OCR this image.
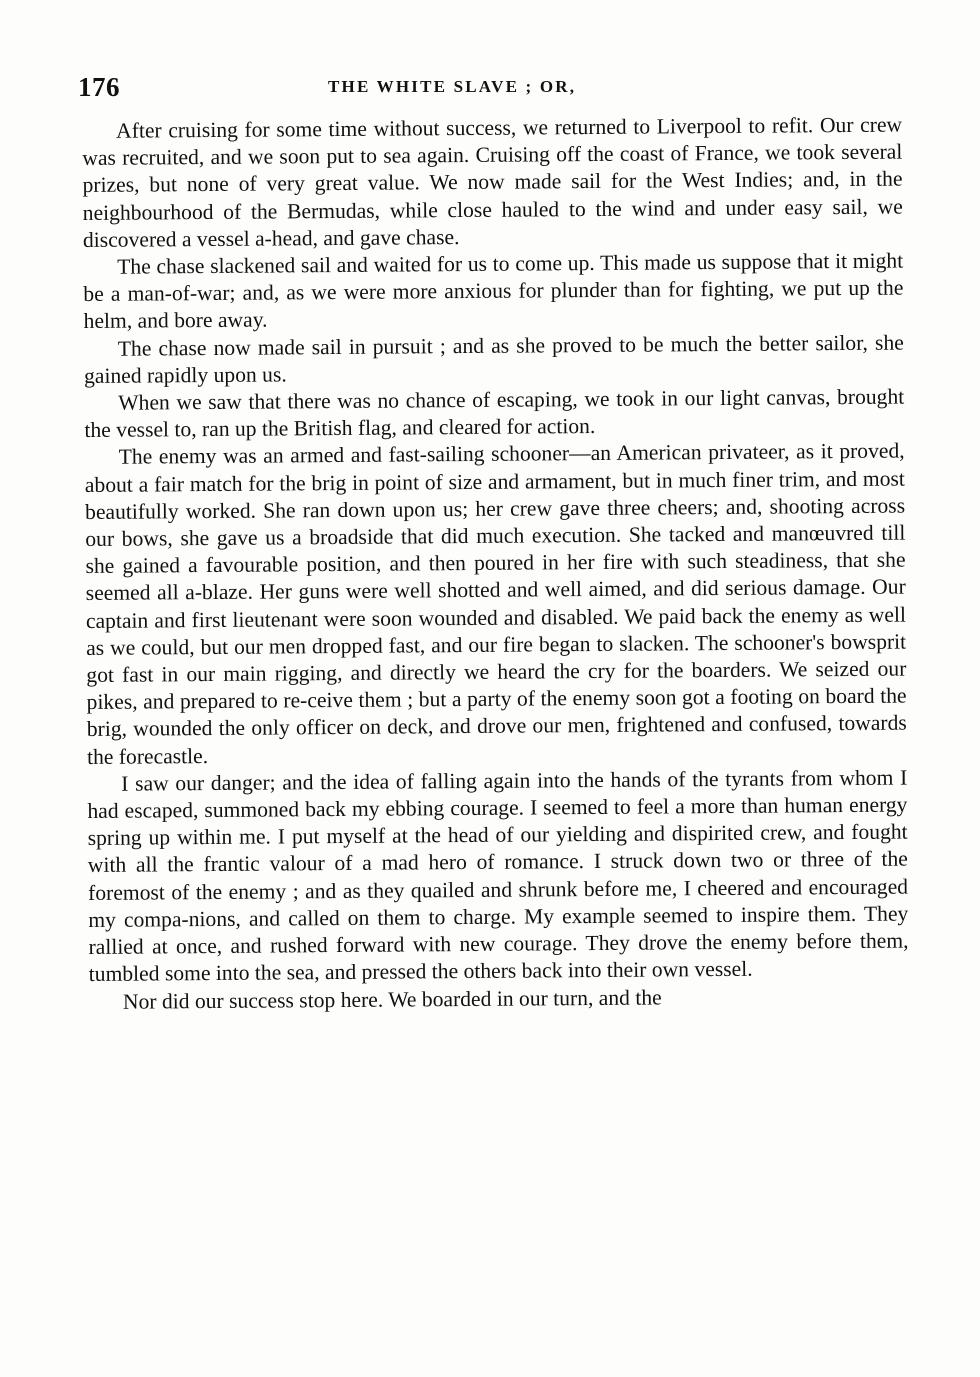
176	THE WHITE SLAVE ; OR,

After cruising for some time without success, we returned to Liverpool to refit. Our crew was recruited, and we soon put to sea again. Cruising off the coast of France, we took several prizes, but none of very great value. We now made sail for the West Indies; and, in the neighbourhood of the Bermudas, while close hauled to the wind and under easy sail, we discovered a vessel a-head, and gave chase.

The chase slackened sail and waited for us to come up. This made us suppose that it might be a man-of-war; and, as we were more anxious for plunder than for fighting, we put up the helm, and bore away.

The chase now made sail in pursuit ; and as she proved to be much the better sailor, she gained rapidly upon us.

When we saw that there was no chance of escaping, we took in our light canvas, brought the vessel to, ran up the British flag, and cleared for action.

The enemy was an armed and fast-sailing schooner—an American privateer, as it proved, about a fair match for the brig in point of size and armament, but in much finer trim, and most beautifully worked. She ran down upon us; her crew gave three cheers; and, shooting across our bows, she gave us a broadside that did much execution. She tacked and manœuvred till she gained a favourable position, and then poured in her fire with such steadiness, that she seemed all a-blaze. Her guns were well shotted and well aimed, and did serious damage. Our captain and first lieutenant were soon wounded and disabled. We paid back the enemy as well as we could, but our men dropped fast, and our fire began to slacken. The schooner's bowsprit got fast in our main rigging, and directly we heard the cry for the boarders. We seized our pikes, and prepared to re-ceive them ; but a party of the enemy soon got a footing on board the brig, wounded the only officer on deck, and drove our men, frightened and confused, towards the forecastle.

I saw our danger; and the idea of falling again into the hands of the tyrants from whom I had escaped, summoned back my ebbing courage. I seemed to feel a more than human energy spring up within me. I put myself at the head of our yielding and dispirited crew, and fought with all the frantic valour of a mad hero of romance. I struck down two or three of the foremost of the enemy ; and as they quailed and shrunk before me, I cheered and encouraged my compa-nions, and called on them to charge. My example seemed to inspire them. They rallied at once, and rushed forward with new courage. They drove the enemy before them, tumbled some into the sea, and pressed the others back into their own vessel.

Nor did our success stop here. We boarded in our turn, and the
